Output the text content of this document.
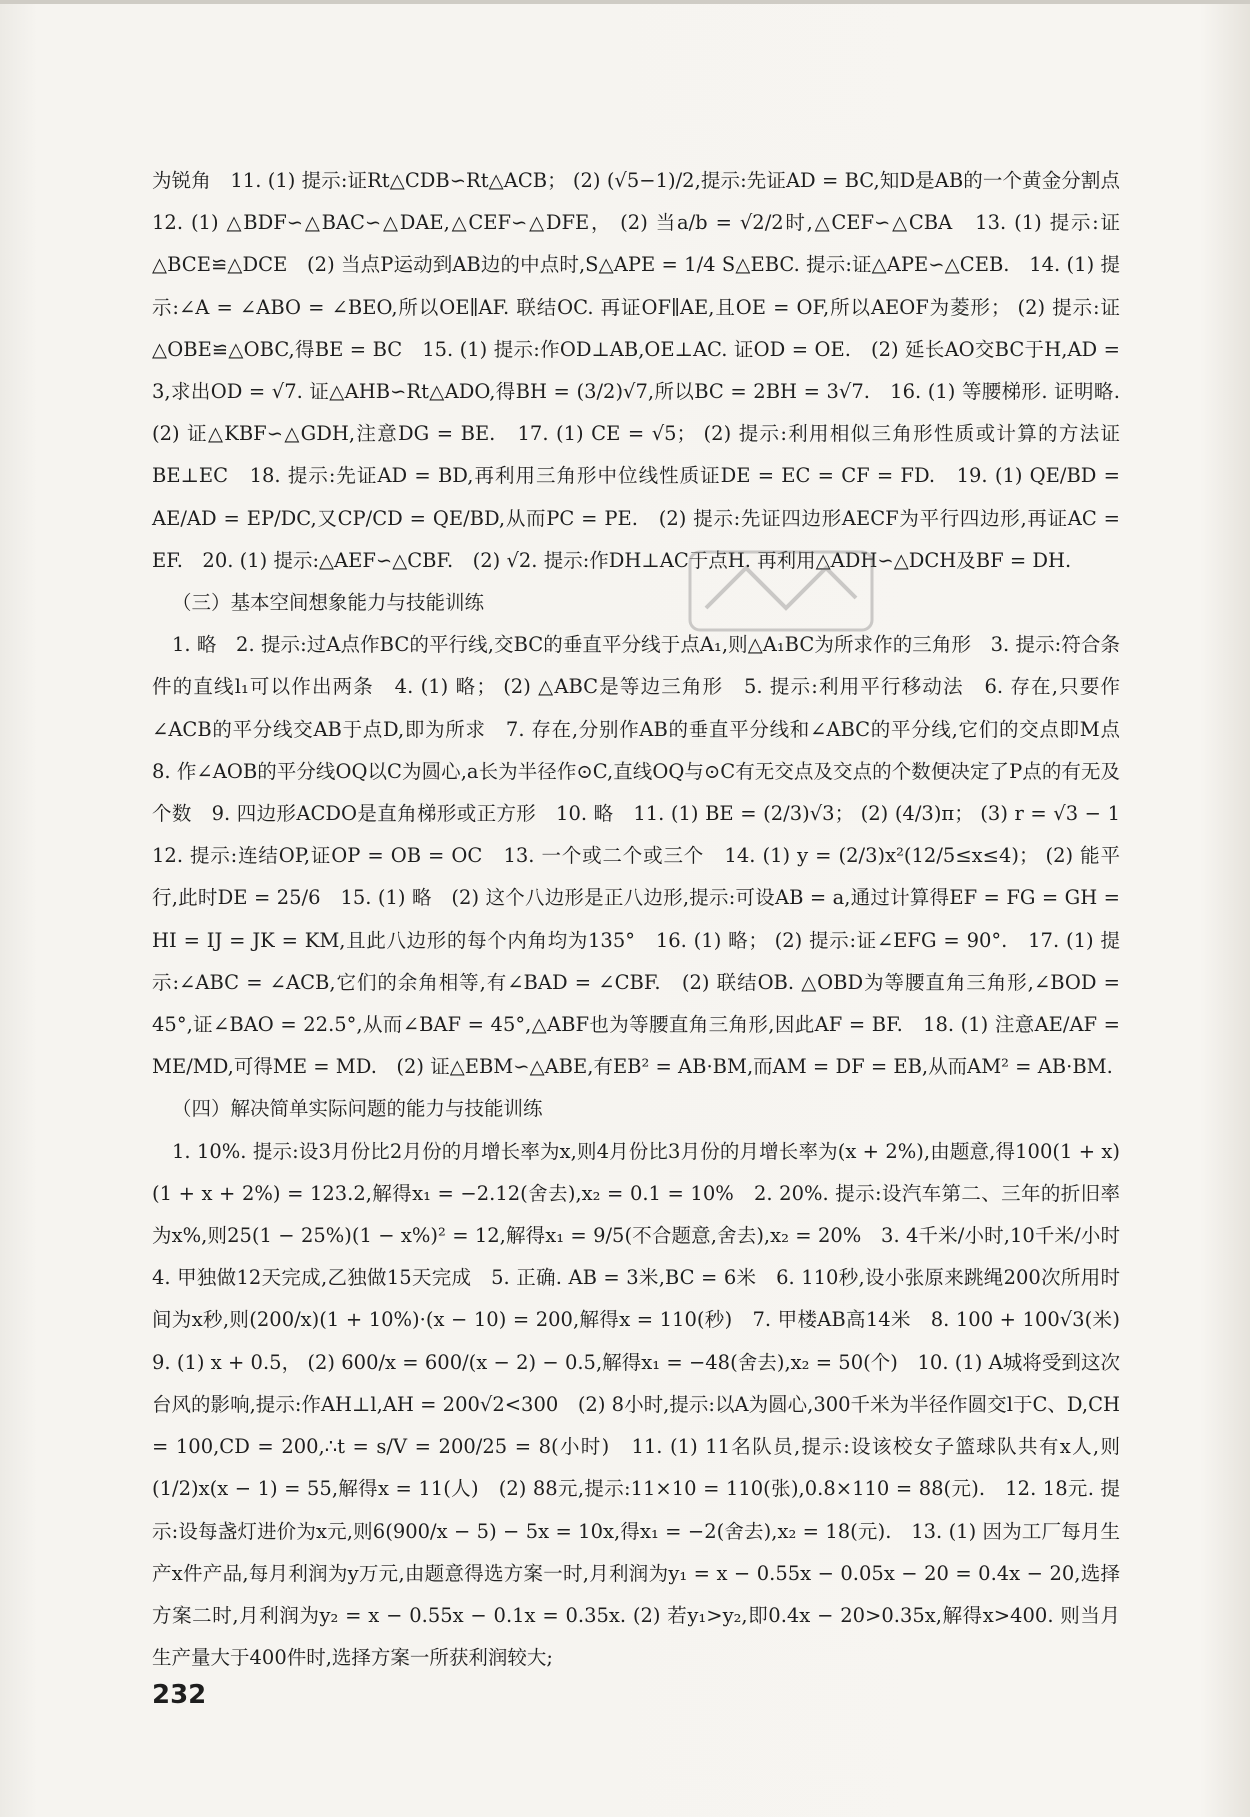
为锐角　11. (1) 提示:证Rt△CDB∽Rt△ACB； (2) (√5−1)/2,提示:先证AD = BC,知D是AB的一个黄金分割点　12. (1) △BDF∽△BAC∽△DAE,△CEF∽△DFE， (2) 当a/b = √2/2时,△CEF∽△CBA　13. (1) 提示:证△BCE≌△DCE　(2) 当点P运动到AB边的中点时,S△APE = 1/4 S△EBC. 提示:证△APE∽△CEB.　14. (1) 提示:∠A = ∠ABO = ∠BEO,所以OE∥AF. 联结OC. 再证OF∥AE,且OE = OF,所以AEOF为菱形； (2) 提示:证△OBE≌△OBC,得BE = BC　15. (1) 提示:作OD⊥AB,OE⊥AC. 证OD = OE.　(2) 延长AO交BC于H,AD = 3,求出OD = √7. 证△AHB∽Rt△ADO,得BH = (3/2)√7,所以BC = 2BH = 3√7.　16. (1) 等腰梯形. 证明略.　(2) 证△KBF∽△GDH,注意DG = BE.　17. (1) CE = √5； (2) 提示:利用相似三角形性质或计算的方法证BE⊥EC　18. 提示:先证AD = BD,再利用三角形中位线性质证DE = EC = CF = FD.　19. (1) QE/BD = AE/AD = EP/DC,又CP/CD = QE/BD,从而PC = PE.　(2) 提示:先证四边形AECF为平行四边形,再证AC = EF.　20. (1) 提示:△AEF∽△CBF.　(2) √2. 提示:作DH⊥AC于点H. 再利用△ADH∽△DCH及BF = DH.

（三）基本空间想象能力与技能训练

1. 略　2. 提示:过A点作BC的平行线,交BC的垂直平分线于点A₁,则△A₁BC为所求作的三角形　3. 提示:符合条件的直线l₁可以作出两条　4. (1) 略； (2) △ABC是等边三角形　5. 提示:利用平行移动法　6. 存在,只要作∠ACB的平分线交AB于点D,即为所求　7. 存在,分别作AB的垂直平分线和∠ABC的平分线,它们的交点即M点　8. 作∠AOB的平分线OQ以C为圆心,a长为半径作⊙C,直线OQ与⊙C有无交点及交点的个数便决定了P点的有无及个数　9. 四边形ACDO是直角梯形或正方形　10. 略　11. (1) BE = (2/3)√3； (2) (4/3)π； (3) r = √3 − 1　12. 提示:连结OP,证OP = OB = OC　13. 一个或二个或三个　14. (1) y = (2/3)x²(12/5≤x≤4)； (2) 能平行,此时DE = 25/6　15. (1) 略　(2) 这个八边形是正八边形,提示:可设AB = a,通过计算得EF = FG = GH = HI = IJ = JK = KM,且此八边形的每个内角均为135°　16. (1) 略； (2) 提示:证∠EFG = 90°.　17. (1) 提示:∠ABC = ∠ACB,它们的余角相等,有∠BAD = ∠CBF.　(2) 联结OB. △OBD为等腰直角三角形,∠BOD = 45°,证∠BAO = 22.5°,从而∠BAF = 45°,△ABF也为等腰直角三角形,因此AF = BF.　18. (1) 注意AE/AF = ME/MD,可得ME = MD.　(2) 证△EBM∽△ABE,有EB² = AB·BM,而AM = DF = EB,从而AM² = AB·BM.

（四）解决简单实际问题的能力与技能训练

1. 10%. 提示:设3月份比2月份的月增长率为x,则4月份比3月份的月增长率为(x + 2%),由题意,得100(1 + x)(1 + x + 2%) = 123.2,解得x₁ = −2.12(舍去),x₂ = 0.1 = 10%　2. 20%. 提示:设汽车第二、三年的折旧率为x%,则25(1 − 25%)(1 − x%)² = 12,解得x₁ = 9/5(不合题意,舍去),x₂ = 20%　3. 4千米/小时,10千米/小时　4. 甲独做12天完成,乙独做15天完成　5. 正确. AB = 3米,BC = 6米　6. 110秒,设小张原来跳绳200次所用时间为x秒,则(200/x)(1 + 10%)·(x − 10) = 200,解得x = 110(秒)　7. 甲楼AB高14米　8. 100 + 100√3(米)　9. (1) x + 0.5， (2) 600/x = 600/(x − 2) − 0.5,解得x₁ = −48(舍去),x₂ = 50(个)　10. (1) A城将受到这次台风的影响,提示:作AH⊥l,AH = 200√2<300　(2) 8小时,提示:以A为圆心,300千米为半径作圆交l于C、D,CH = 100,CD = 200,∴t = s/V = 200/25 = 8(小时)　11. (1) 11名队员,提示:设该校女子篮球队共有x人,则(1/2)x(x − 1) = 55,解得x = 11(人)　(2) 88元,提示:11×10 = 110(张),0.8×110 = 88(元).　12. 18元. 提示:设每盏灯进价为x元,则6(900/x − 5) − 5x = 10x,得x₁ = −2(舍去),x₂ = 18(元).　13. (1) 因为工厂每月生产x件产品,每月利润为y万元,由题意得选方案一时,月利润为y₁ = x − 0.55x − 0.05x − 20 = 0.4x − 20,选择方案二时,月利润为y₂ = x − 0.55x − 0.1x = 0.35x. (2) 若y₁>y₂,即0.4x − 20>0.35x,解得x>400. 则当月生产量大于400件时,选择方案一所获利润较大;

232
